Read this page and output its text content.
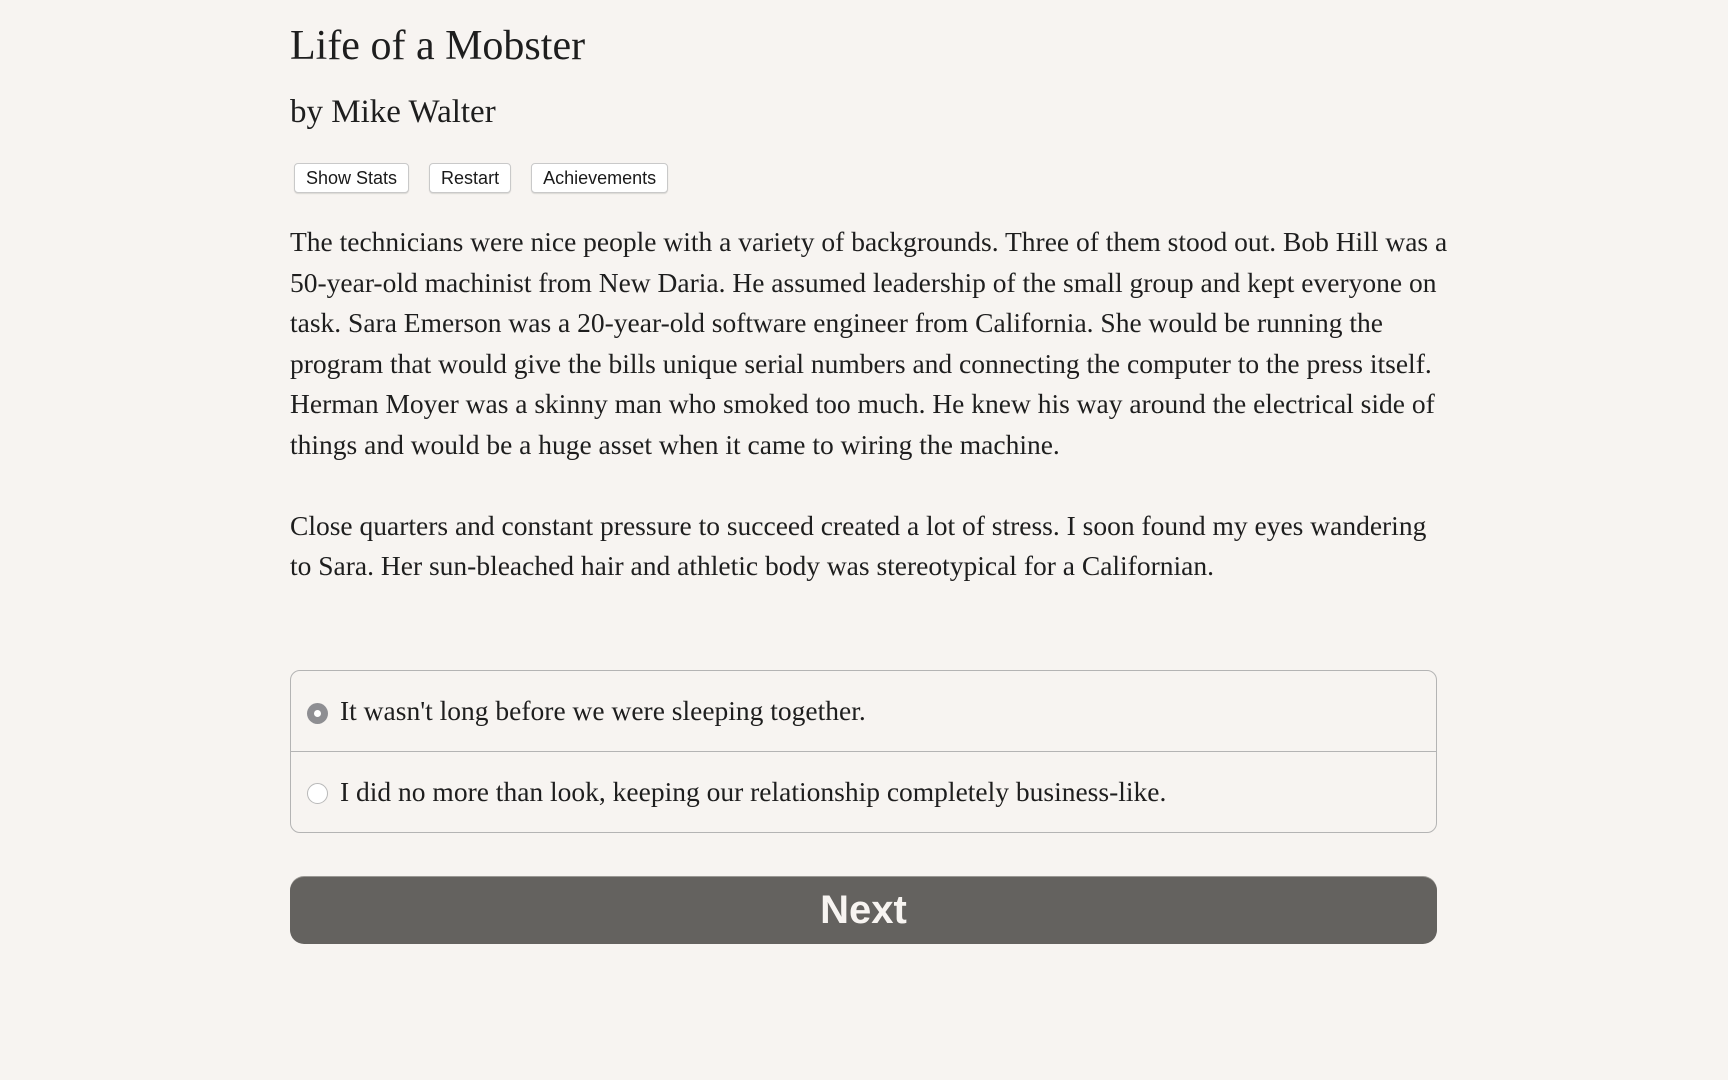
Life of a Mobster
by Mike Walter
Show Stats	Restart	Achievements

The technicians were nice people with a variety of backgrounds. Three of them stood out. Bob Hill was a 50-year-old machinist from New Daria. He assumed leadership of the small group and kept everyone on task. Sara Emerson was a 20-year-old software engineer from California. She would be running the program that would give the bills unique serial numbers and connecting the computer to the press itself. Herman Moyer was a skinny man who smoked too much. He knew his way around the electrical side of things and would be a huge asset when it came to wiring the machine.

Close quarters and constant pressure to succeed created a lot of stress. I soon found my eyes wandering to Sara. Her sun-bleached hair and athletic body was stereotypical for a Californian.

It wasn't long before we were sleeping together.
I did no more than look, keeping our relationship completely business-like.
Next
